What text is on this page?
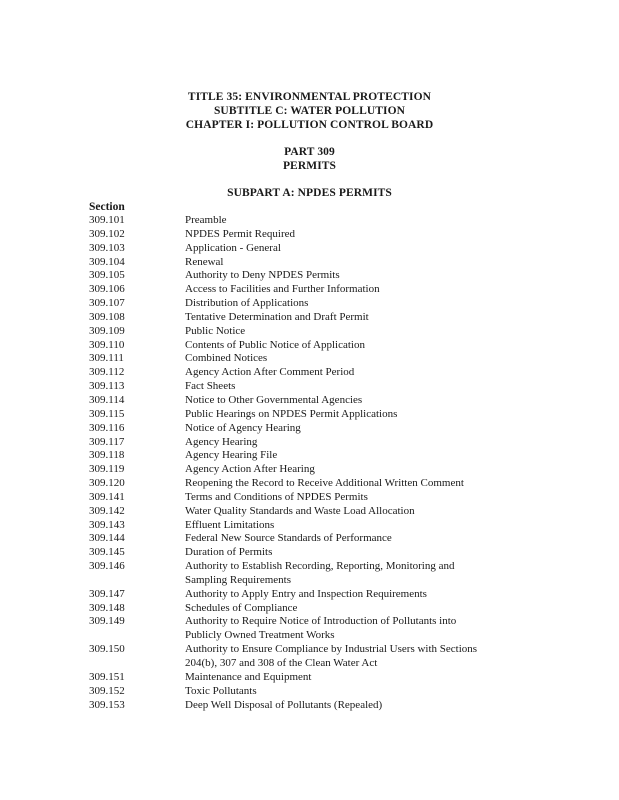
TITLE 35: ENVIRONMENTAL PROTECTION
SUBTITLE C: WATER POLLUTION
CHAPTER I: POLLUTION CONTROL BOARD
PART 309
PERMITS
SUBPART A: NPDES PERMITS
Section
309.101	Preamble
309.102	NPDES Permit Required
309.103	Application - General
309.104	Renewal
309.105	Authority to Deny NPDES Permits
309.106	Access to Facilities and Further Information
309.107	Distribution of Applications
309.108	Tentative Determination and Draft Permit
309.109	Public Notice
309.110	Contents of Public Notice of Application
309.111	Combined Notices
309.112	Agency Action After Comment Period
309.113	Fact Sheets
309.114	Notice to Other Governmental Agencies
309.115	Public Hearings on NPDES Permit Applications
309.116	Notice of Agency Hearing
309.117	Agency Hearing
309.118	Agency Hearing File
309.119	Agency Action After Hearing
309.120	Reopening the Record to Receive Additional Written Comment
309.141	Terms and Conditions of NPDES Permits
309.142	Water Quality Standards and Waste Load Allocation
309.143	Effluent Limitations
309.144	Federal New Source Standards of Performance
309.145	Duration of Permits
309.146	Authority to Establish Recording, Reporting, Monitoring and
Sampling Requirements
309.147	Authority to Apply Entry and Inspection Requirements
309.148	Schedules of Compliance
309.149	Authority to Require Notice of Introduction of Pollutants into
Publicly Owned Treatment Works
309.150	Authority to Ensure Compliance by Industrial Users with Sections
204(b), 307 and 308 of the Clean Water Act
309.151	Maintenance and Equipment
309.152	Toxic Pollutants
309.153	Deep Well Disposal of Pollutants (Repealed)
